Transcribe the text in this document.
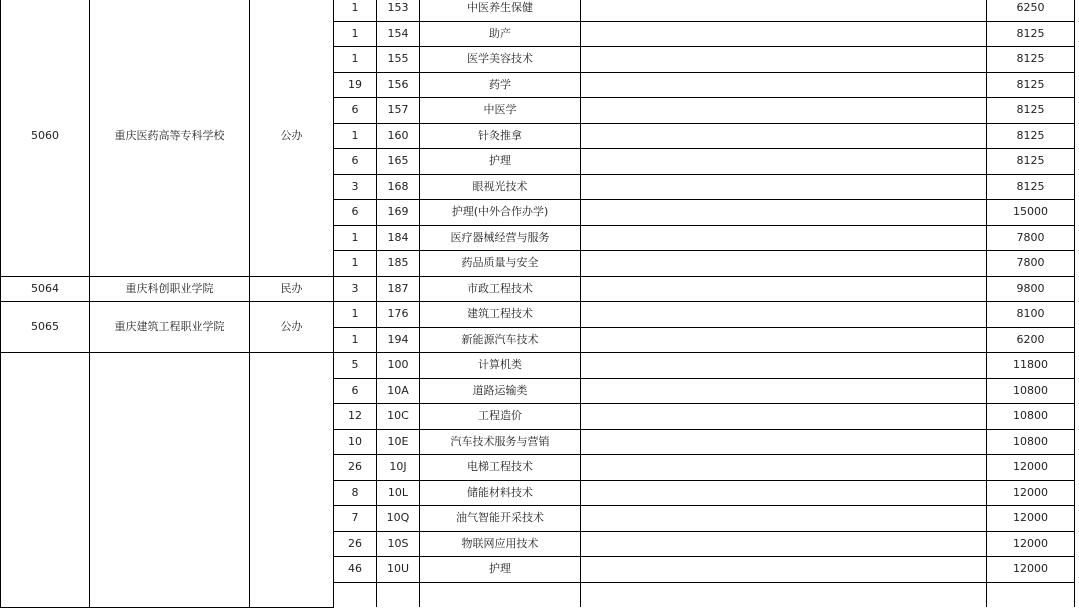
5060	重庆医药高等专科学校	公办	1	153	中医养生保健		6250
			1	154	助产		8125
			1	155	医学美容技术		8125
			19	156	药学		8125
			6	157	中医学		8125
			1	160	针灸推拿		8125
			6	165	护理		8125
			3	168	眼视光技术		8125
			6	169	护理(中外合作办学)		15000
			1	184	医疗器械经营与服务		7800
			1	185	药品质量与安全		7800
5064	重庆科创职业学院	民办	3	187	市政工程技术		9800
5065	重庆建筑工程职业学院	公办	1	176	建筑工程技术		8100
			1	194	新能源汽车技术		6200
			5	100	计算机类		11800
			6	10A	道路运输类		10800
			12	10C	工程造价		10800
			10	10E	汽车技术服务与营销		10800
			26	10J	电梯工程技术		12000
			8	10L	储能材料技术		12000
			7	10Q	油气智能开采技术		12000
			26	10S	物联网应用技术		12000
			46	10U	护理		12000
